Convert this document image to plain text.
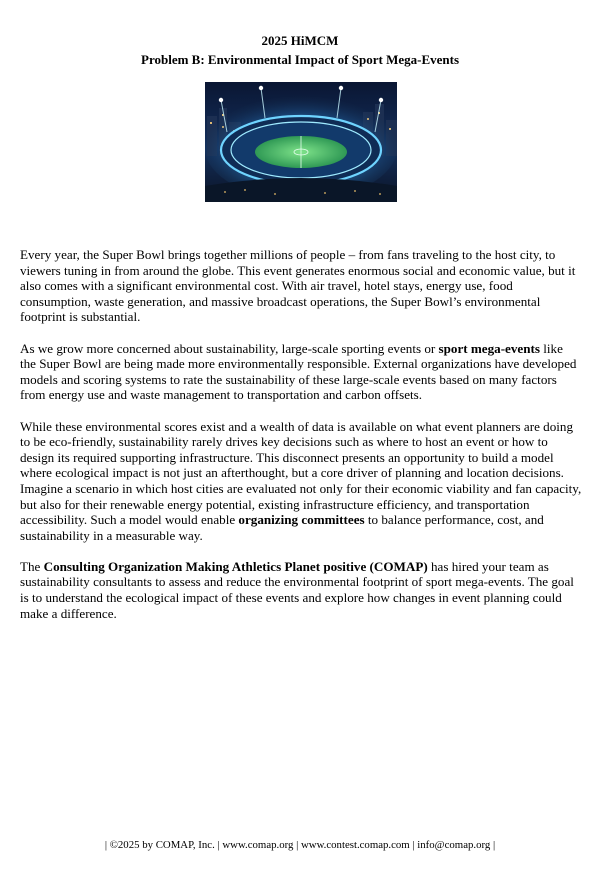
2025 HiMCM
Problem B: Environmental Impact of Sport Mega-Events

Every year, the Super Bowl brings together millions of people – from fans traveling to the host city, to viewers tuning in from around the globe. This event generates enormous social and economic value, but it also comes with a significant environmental cost. With air travel, hotel stays, energy use, food consumption, waste generation, and massive broadcast operations, the Super Bowl’s environmental footprint is substantial.

As we grow more concerned about sustainability, large-scale sporting events or sport mega-events like the Super Bowl are being made more environmentally responsible. External organizations have developed models and scoring systems to rate the sustainability of these large-scale events based on many factors from energy use and waste management to transportation and carbon offsets.

While these environmental scores exist and a wealth of data is available on what event planners are doing to be eco-friendly, sustainability rarely drives key decisions such as where to host an event or how to design its required supporting infrastructure. This disconnect presents an opportunity to build a model where ecological impact is not just an afterthought, but a core driver of planning and location decisions. Imagine a scenario in which host cities are evaluated not only for their economic viability and fan capacity, but also for their renewable energy potential, existing infrastructure efficiency, and transportation accessibility. Such a model would enable organizing committees to balance performance, cost, and sustainability in a measurable way.

The Consulting Organization Making Athletics Planet positive (COMAP) has hired your team as sustainability consultants to assess and reduce the environmental footprint of sport mega-events. The goal is to understand the ecological impact of these events and explore how changes in event planning could make a difference.

| ©2025 by COMAP, Inc. | www.comap.org | www.contest.comap.com | info@comap.org |
